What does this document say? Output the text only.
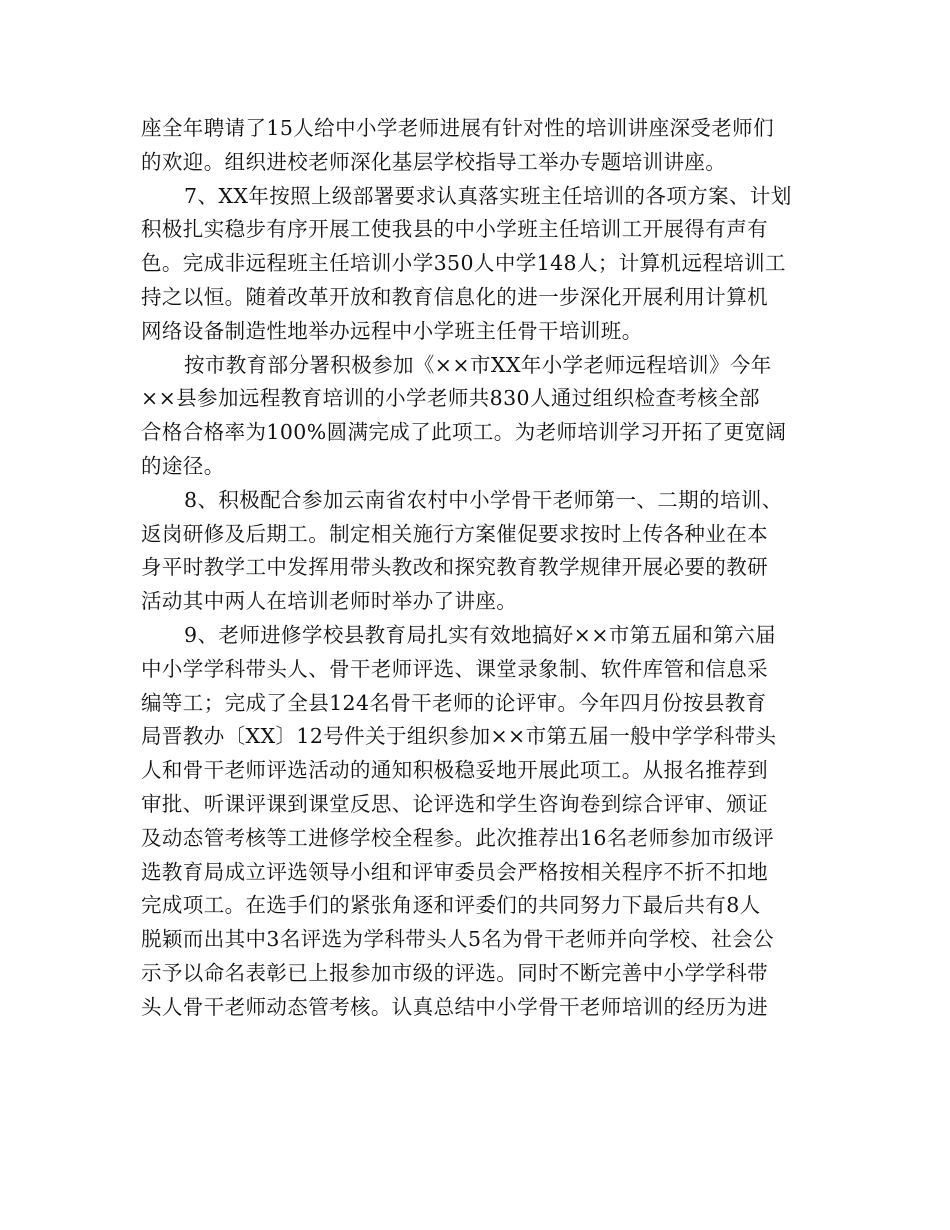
座全年聘请了15人给中小学老师进展有针对性的培训讲座深受老师们
的欢迎。组织进校老师深化基层学校指导工举办专题培训讲座。
7、XX年按照上级部署要求认真落实班主任培训的各项方案、计划
积极扎实稳步有序开展工使我县的中小学班主任培训工开展得有声有
色。完成非远程班主任培训小学350人中学148人；计算机远程培训工
持之以恒。随着改革开放和教育信息化的进一步深化开展利用计算机
网络设备制造性地举办远程中小学班主任骨干培训班。
按市教育部分署积极参加《××市XX年小学老师远程培训》今年
××县参加远程教育培训的小学老师共830人通过组织检查考核全部
合格合格率为100%圆满完成了此项工。为老师培训学习开拓了更宽阔
的途径。
8、积极配合参加云南省农村中小学骨干老师第一、二期的培训、
返岗研修及后期工。制定相关施行方案催促要求按时上传各种业在本
身平时教学工中发挥用带头教改和探究教育教学规律开展必要的教研
活动其中两人在培训老师时举办了讲座。
9、老师进修学校县教育局扎实有效地搞好××市第五届和第六届
中小学学科带头人、骨干老师评选、课堂录象制、软件库管和信息采
编等工；完成了全县124名骨干老师的论评审。今年四月份按县教育
局晋教办〔XX〕12号件关于组织参加××市第五届一般中学学科带头
人和骨干老师评选活动的通知积极稳妥地开展此项工。从报名推荐到
审批、听课评课到课堂反思、论评选和学生咨询卷到综合评审、颁证
及动态管考核等工进修学校全程参。此次推荐出16名老师参加市级评
选教育局成立评选领导小组和评审委员会严格按相关程序不折不扣地
完成项工。在选手们的紧张角逐和评委们的共同努力下最后共有8人
脱颖而出其中3名评选为学科带头人5名为骨干老师并向学校、社会公
示予以命名表彰已上报参加市级的评选。同时不断完善中小学学科带
头人骨干老师动态管考核。认真总结中小学骨干老师培训的经历为进
